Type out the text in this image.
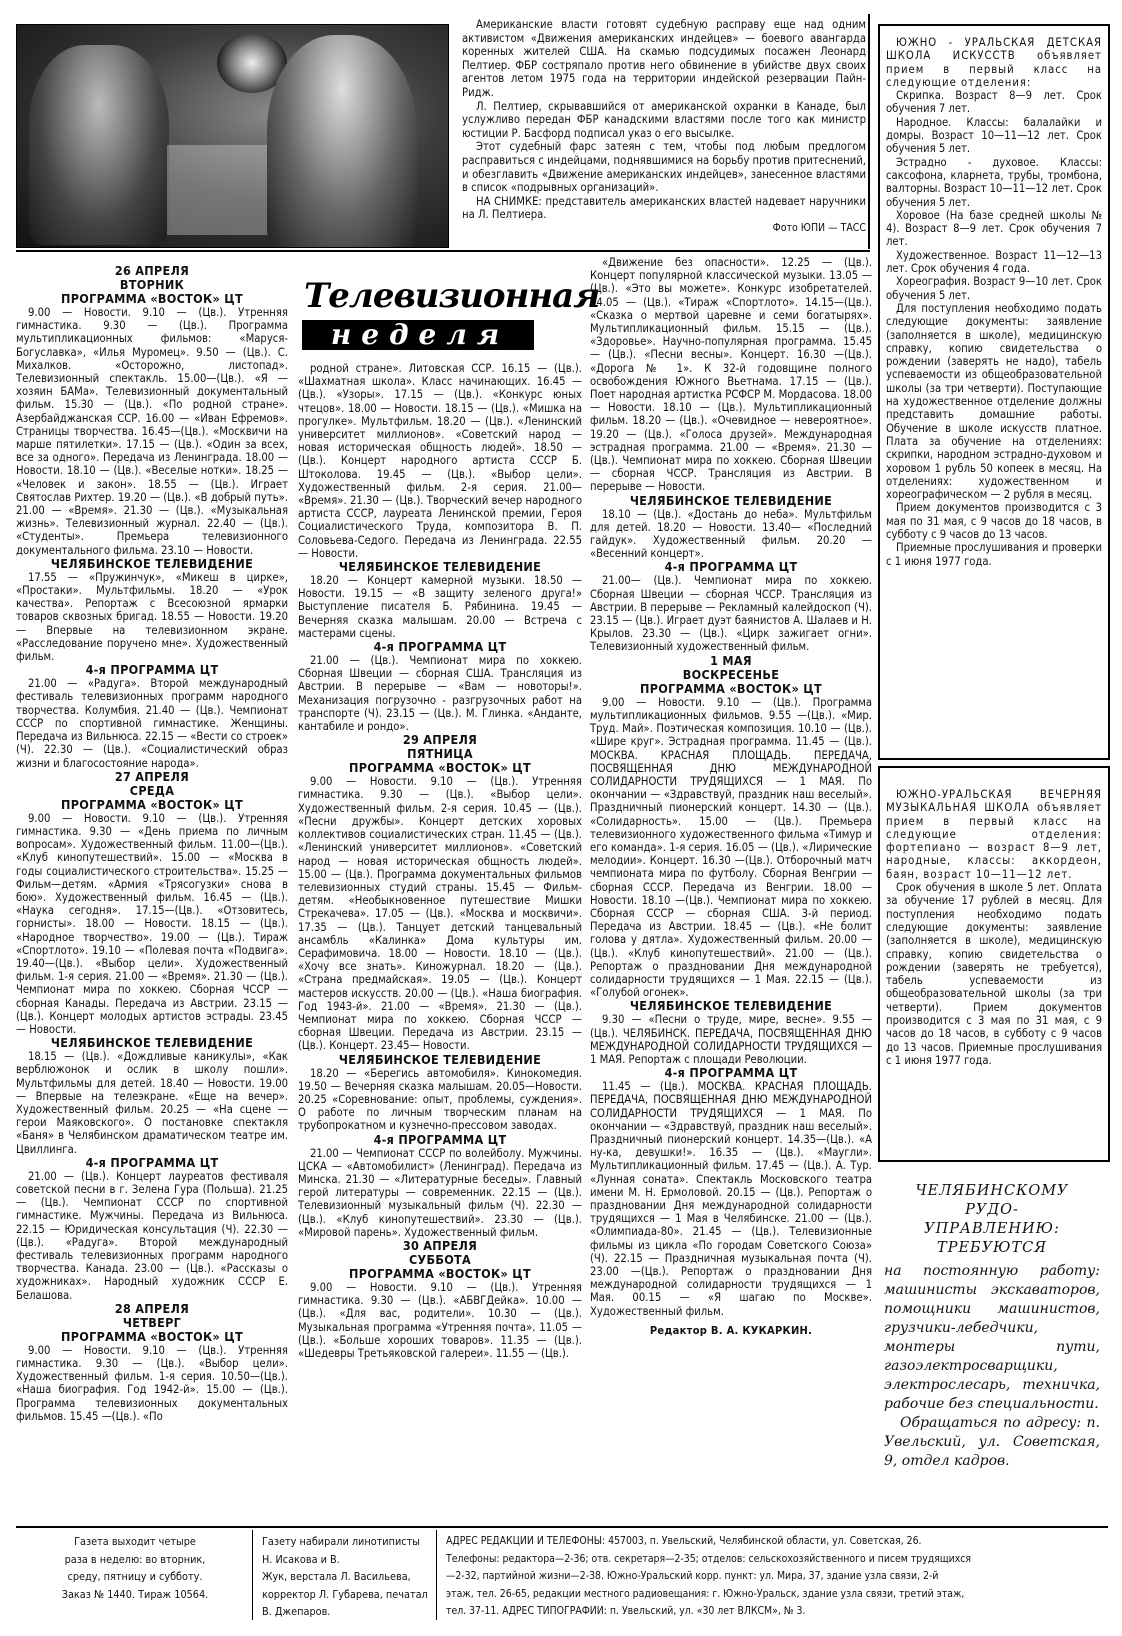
Американские власти готовят судебную расправу еще над одним активистом «Движения американских индейцев» — боевого авангарда коренных жителей США. На скамью подсудимых посажен Леонард Пелтиер. ФБР состряпало против него обвинение в убийстве двух своих агентов летом 1975 года на территории индейской резервации Пайн-Ридж.

Л. Пелтиер, скрывавшийся от американской охранки в Канаде, был услужливо передан ФБР канадскими властями после того как министр юстиции Р. Басфорд подписал указ о его высылке.

Этот судебный фарс затеян с тем, чтобы под любым предлогом расправиться с индейцами, поднявшимися на борьбу против притеснений, и обезглавить «Движение американских индейцев», занесенное властями в список «подрывных организаций».

НА СНИМКЕ: представитель американских властей надевает наручники на Л. Пелтиера.

Фото ЮПИ — ТАСС
Телевизионная
неделя

26 АПРЕЛЯ

ВТОРНИК

ПРОГРАММА «ВОСТОК» ЦТ

9.00 — Новости. 9.10 — (Цв.). Утренняя гимнастика. 9.30 — (Цв.). Программа мультипликационных фильмов: «Маруся-Богуславка», «Илья Муромец». 9.50 — (Цв.). С. Михалков. «Осторожно, листопад». Телевизионный спектакль. 15.00—(Цв.). «Я — хозяин БАМа». Телевизионный документальный фильм. 15.30 — (Цв.). «По родной стране». Азербайджанская ССР. 16.00 — «Иван Ефремов». Страницы творчества. 16.45—(Цв.). «Москвичи на марше пятилетки». 17.15 — (Цв.). «Один за всех, все за одного». Передача из Ленинграда. 18.00 — Новости. 18.10 — (Цв.). «Веселые нотки». 18.25 — «Человек и закон». 18.55 — (Цв.). Играет Святослав Рихтер. 19.20 — (Цв.). «В добрый путь». 21.00 — «Время». 21.30 — (Цв.). «Музыкальная жизнь». Телевизионный журнал. 22.40 — (Цв.). «Студенты». Премьера телевизионного документального фильма. 23.10 — Новости.

ЧЕЛЯБИНСКОЕ ТЕЛЕВИДЕНИЕ

17.55 — «Пружинчук», «Микеш в цирке», «Простаки». Мультфильмы. 18.20 — «Урок качества». Репортаж с Всесоюзной ярмарки товаров сквозных бригад. 18.55 — Новости. 19.20 — Впервые на телевизионном экране. «Расследование поручено мне». Художественный фильм.

4-я ПРОГРАММА ЦТ

21.00 — «Радуга». Второй международный фестиваль телевизионных программ народного творчества. Колумбия. 21.40 — (Цв.). Чемпионат СССР по спортивной гимнастике. Женщины. Передача из Вильнюса. 22.15 — «Вести со строек» (Ч). 22.30 — (Цв.). «Социалистический образ жизни и благосостояние народа».

27 АПРЕЛЯ

СРЕДА

ПРОГРАММА «ВОСТОК» ЦТ

9.00 — Новости. 9.10 — (Цв.). Утренняя гимнастика. 9.30 — «День приема по личным вопросам». Художественный фильм. 11.00—(Цв.). «Клуб кинопутешествий». 15.00 — «Москва в годы социалистического строительства». 15.25 — Фильм—детям. «Армия «Трясогузки» снова в бою». Художественный фильм. 16.45 — (Цв.). «Наука сегодня». 17.15—(Цв.). «Отзовитесь, горнисты». 18.00 — Новости. 18.15 — (Цв.). «Народное творчество». 19.00 — (Цв.). Тираж «Спортлото». 19.10 — «Полевая почта «Подвига». 19.40—(Цв.). «Выбор цели». Художественный фильм. 1-я серия. 21.00 — «Время». 21.30 — (Цв.). Чемпионат мира по хоккею. Сборная ЧССР — сборная Канады. Передача из Австрии. 23.15 — (Цв.). Концерт молодых артистов эстрады. 23.45 — Новости.

ЧЕЛЯБИНСКОЕ ТЕЛЕВИДЕНИЕ

18.15 — (Цв.). «Дождливые каникулы», «Как верблюжонок и ослик в школу пошли». Мультфильмы для детей. 18.40 — Новости. 19.00 — Впервые на телеэкране. «Еще на вечер». Художественный фильм. 20.25 — «На сцене — герои Маяковского». О постановке спектакля «Баня» в Челябинском драматическом театре им. Цвиллинга.

4-я ПРОГРАММА ЦТ

21.00 — (Цв.). Концерт лауреатов фестиваля советской песни в г. Зелена Гура (Польша). 21.25 — (Цв.). Чемпионат СССР по спортивной гимнастике. Мужчины. Передача из Вильнюса. 22.15 — Юридическая консультация (Ч). 22.30 — (Цв.). «Радуга». Второй международный фестиваль телевизионных программ народного творчества. Канада. 23.00 — (Цв.). «Рассказы о художниках». Народный художник СССР Е. Белашова.

28 АПРЕЛЯ

ЧЕТВЕРГ

ПРОГРАММА «ВОСТОК» ЦТ

9.00 — Новости. 9.10 — (Цв.). Утренняя гимнастика. 9.30 — (Цв.). «Выбор цели». Художественный фильм. 1-я серия. 10.50—(Цв.). «Наша биография. Год 1942-й». 15.00 — (Цв.). Программа телевизионных документальных фильмов. 15.45 —(Цв.). «По

родной стране». Литовская ССР. 16.15 — (Цв.). «Шахматная школа». Класс начинающих. 16.45 — (Цв.). «Узоры». 17.15 — (Цв.). «Конкурс юных чтецов». 18.00 — Новости. 18.15 — (Цв.). «Мишка на прогулке». Мультфильм. 18.20 — (Цв.). «Ленинский университет миллионов». «Советский народ — новая историческая общность людей». 18.50 — (Цв.). Концерт народного артиста СССР Б. Штоколова. 19.45 — (Цв.). «Выбор цели». Художественный фильм. 2-я серия. 21.00— «Время». 21.30 — (Цв.). Творческий вечер народного артиста СССР, лауреата Ленинской премии, Героя Социалистического Труда, композитора В. П. Соловьева-Седого. Передача из Ленинграда. 22.55 — Новости.

ЧЕЛЯБИНСКОЕ ТЕЛЕВИДЕНИЕ

18.20 — Концерт камерной музыки. 18.50 — Новости. 19.15 — «В защиту зеленого друга!» Выступление писателя Б. Рябинина. 19.45 — Вечерняя сказка малышам. 20.00 — Встреча с мастерами сцены.

4-я ПРОГРАММА ЦТ

21.00 — (Цв.). Чемпионат мира по хоккею. Сборная Швеции — сборная США. Трансляция из Австрии. В перерыве — «Вам — новоторы!». Механизация погрузочно - разгрузочных работ на транспорте (Ч). 23.15 — (Цв.). М. Глинка. «Анданте, кантабиле и рондо».

29 АПРЕЛЯ

ПЯТНИЦА

ПРОГРАММА «ВОСТОК» ЦТ

9.00 — Новости. 9.10 — (Цв.). Утренняя гимнастика. 9.30 — (Цв.). «Выбор цели». Художественный фильм. 2-я серия. 10.45 — (Цв.). «Песни дружбы». Концерт детских хоровых коллективов социалистических стран. 11.45 — (Цв.). «Ленинский университет миллионов». «Советский народ — новая историческая общность людей». 15.00 — (Цв.). Программа документальных фильмов телевизионных студий страны. 15.45 — Фильм-детям. «Необыкновенное путешествие Мишки Стрекачева». 17.05 — (Цв.). «Москва и москвичи». 17.35 — (Цв.). Танцует детский танцевальный ансамбль «Калинка» Дома культуры им. Серафимовича. 18.00 — Новости. 18.10 — (Цв.). «Хочу все знать». Киножурнал. 18.20 — (Цв.). «Страна предмайская». 19.05 — (Цв.). Концерт мастеров искусств. 20.00 — (Цв.). «Наша биография. Год 1943-й». 21.00 — «Время». 21.30 — (Цв.). Чемпионат мира по хоккею. Сборная ЧССР — сборная Швеции. Передача из Австрии. 23.15 —(Цв.). Концерт. 23.45— Новости.

ЧЕЛЯБИНСКОЕ ТЕЛЕВИДЕНИЕ

18.20 — «Берегись автомобиля». Кинокомедия. 19.50 — Вечерняя сказка малышам. 20.05—Новости. 20.25 «Соревнование: опыт, проблемы, суждения». О работе по личным творческим планам на трубопрокатном и кузнечно-прессовом заводах.

4-я ПРОГРАММА ЦТ

21.00 — Чемпионат СССР по волейболу. Мужчины. ЦСКА — «Автомобилист» (Ленинград). Передача из Минска. 21.30 — «Литературные беседы». Главный герой литературы — современник. 22.15 — (Цв.). Телевизионный музыкальный фильм (Ч). 22.30 — (Цв.). «Клуб кинопутешествий». 23.30 — (Цв.). «Мировой парень». Художественный фильм.

30 АПРЕЛЯ

СУББОТА

ПРОГРАММА «ВОСТОК» ЦТ

9.00 — Новости. 9.10 — (Цв.). Утренняя гимнастика. 9.30 — (Цв.). «АБВГДейка». 10.00 — (Цв.). «Для вас, родители». 10.30 — (Цв.). Музыкальная программа «Утренняя почта». 11.05 — (Цв.). «Больше хороших товаров». 11.35 — (Цв.). «Шедевры Третьяковской галереи». 11.55 — (Цв.).

«Движение без опасности». 12.25 — (Цв.). Концерт популярной классической музыки. 13.05 — (Цв.). «Это вы можете». Конкурс изобретателей. 14.05 — (Цв.). «Тираж «Спортлото». 14.15—(Цв.). «Сказка о мертвой царевне и семи богатырях». Мультипликационный фильм. 15.15 — (Цв.). «Здоровье». Научно-популярная программа. 15.45 — (Цв.). «Песни весны». Концерт. 16.30 —(Цв.). «Дорога № 1». К 32-й годовщине полного освобождения Южного Вьетнама. 17.15 — (Цв.). Поет народная артистка РСФСР М. Мордасова. 18.00 — Новости. 18.10 — (Цв.). Мультипликационный фильм. 18.20 — (Цв.). «Очевидное — невероятное». 19.20 — (Цв.). «Голоса друзей». Международная эстрадная программа. 21.00 — «Время». 21.30 — (Цв.). Чемпионат мира по хоккею. Сборная Швеции — сборная ЧССР. Трансляция из Австрии. В перерыве — Новости.

ЧЕЛЯБИНСКОЕ ТЕЛЕВИДЕНИЕ

18.10 — (Цв.). «Достань до неба». Мультфильм для детей. 18.20 — Новости. 13.40— «Последний гайдук». Художественный фильм. 20.20 — «Весенний концерт».

4-я ПРОГРАММА ЦТ

21.00— (Цв.). Чемпионат мира по хоккею. Сборная Швеции — сборная ЧССР. Трансляция из Австрии. В перерыве — Рекламный калейдоскоп (Ч). 23.15 — (Цв.). Играет дуэт баянистов А. Шалаев и Н. Крылов. 23.30 — (Цв.). «Цирк зажигает огни». Телевизионный художественный фильм.

1 МАЯ

ВОСКРЕСЕНЬЕ

ПРОГРАММА «ВОСТОК» ЦТ

9.00 — Новости. 9.10 — (Цв.). Программа мультипликационных фильмов. 9.55 —(Цв.). «Мир. Труд. Май». Поэтическая композиция. 10.10 — (Цв.). «Шире круг». Эстрадная программа. 11.45 — (Цв.). МОСКВА. КРАСНАЯ ПЛОЩАДЬ. ПЕРЕДАЧА, ПОСВЯЩЕННАЯ ДНЮ МЕЖДУНАРОДНОЙ СОЛИДАРНОСТИ ТРУДЯЩИХСЯ — 1 МАЯ. По окончании — «Здравствуй, праздник наш веселый». Праздничный пионерский концерт. 14.30 — (Цв.). «Солидарность». 15.00 — (Цв.). Премьера телевизионного художественного фильма «Тимур и его команда». 1-я серия. 16.05 — (Цв.). «Лирические мелодии». Концерт. 16.30 —(Цв.). Отборочный матч чемпионата мира по футболу. Сборная Венгрии — сборная СССР. Передача из Венгрии. 18.00 — Новости. 18.10 —(Цв.). Чемпионат мира по хоккею. Сборная СССР — сборная США. 3-й период. Передача из Австрии. 18.45 — (Цв.). «Не болит голова у дятла». Художественный фильм. 20.00 — (Цв.). «Клуб кинопутешествий». 21.00 — (Цв.). Репортаж о праздновании Дня международной солидарности трудящихся — 1 Мая. 22.15 — (Цв.). «Голубой огонек».

ЧЕЛЯБИНСКОЕ ТЕЛЕВИДЕНИЕ

9.30 — «Песни о труде, мире, весне». 9.55 — (Цв.). ЧЕЛЯБИНСК. ПЕРЕДАЧА, ПОСВЯЩЕННАЯ ДНЮ МЕЖДУНАРОДНОЙ СОЛИДАРНОСТИ ТРУДЯЩИХСЯ — 1 МАЯ. Репортаж с площади Революции.

4-я ПРОГРАММА ЦТ

11.45 — (Цв.). МОСКВА. КРАСНАЯ ПЛОЩАДЬ. ПЕРЕДАЧА, ПОСВЯЩЕННАЯ ДНЮ МЕЖДУНАРОДНОЙ СОЛИДАРНОСТИ ТРУДЯЩИХСЯ — 1 МАЯ. По окончании — «Здравствуй, праздник наш веселый». Праздничный пионерский концерт. 14.35—(Цв.). «А ну-ка, девушки!». 16.35 — (Цв.). «Маугли». Мультипликационный фильм. 17.45 — (Цв.). А. Тур. «Лунная соната». Спектакль Московского театра имени М. Н. Ермоловой. 20.15 — (Цв.). Репортаж о праздновании Дня международной солидарности трудящихся — 1 Мая в Челябинске. 21.00 — (Цв.). «Олимпиада-80». 21.45 — (Цв.). Телевизионные фильмы из цикла «По городам Советского Союза» (Ч). 22.15 — Праздничная музыкальная почта (Ч). 23.00 —(Цв.). Репортаж о праздновании Дня международной солидарности трудящихся — 1 Мая. 00.15 — «Я шагаю по Москве». Художественный фильм.

Редактор В. А. КУКАРКИН.

ЮЖНО - УРАЛЬСКАЯ ДЕТСКАЯ ШКОЛА ИСКУССТВ объявляет прием в первый класс на следующие отделения:

Скрипка. Возраст 8—9 лет. Срок обучения 7 лет.

Народное. Классы: балалайки и домры. Возраст 10—11—12 лет. Срок обучения 5 лет.

Эстрадно - духовое. Классы: саксофона, кларнета, трубы, тромбона, валторны. Возраст 10—11—12 лет. Срок обучения 5 лет.

Хоровое (На базе средней школы № 4). Возраст 8—9 лет. Срок обучения 7 лет.

Художественное. Возраст 11—12—13 лет. Срок обучения 4 года.

Хореография. Возраст 9—10 лет. Срок обучения 5 лет.

Для поступления необходимо подать следующие документы: заявление (заполняется в школе), медицинскую справку, копию свидетельства о рождении (заверять не надо), табель успеваемости из общеобразовательной школы (за три четверти). Поступающие на художественное отделение должны представить домашние работы. Обучение в школе искусств платное. Плата за обучение на отделениях: скрипки, народном эстрадно-духовом и хоровом 1 рубль 50 копеек в месяц. На отделениях: художественном и хореографическом — 2 рубля в месяц.

Прием документов производится с 3 мая по 31 мая, с 9 часов до 18 часов, в субботу с 9 часов до 13 часов.

Приемные прослушивания и проверки с 1 июня 1977 года.

ЮЖНО-УРАЛЬСКАЯ ВЕЧЕРНЯЯ МУЗЫКАЛЬНАЯ ШКОЛА объявляет прием в первый класс на следующие отделения: фортепиано — возраст 8—9 лет, народные, классы: аккордеон, баян, возраст 10—11—12 лет.

Срок обучения в школе 5 лет. Оплата за обучение 17 рублей в месяц. Для поступления необходимо подать следующие документы: заявление (заполняется в школе), медицинскую справку, копию свидетельства о рождении (заверять не требуется), табель успеваемости из общеобразовательной школы (за три четверти). Прием документов производится с 3 мая по 31 мая, с 9 часов до 18 часов, в субботу с 9 часов до 13 часов. Приемные прослушивания с 1 июня 1977 года.

ЧЕЛЯБИНСКОМУ
РУДО-
УПРАВЛЕНИЮ:
ТРЕБУЮТСЯ
на постоянную работу: машинисты экскаваторов, помощники машинистов, грузчики-лебедчики, монтеры пути, газоэлектросварщики, электрослесарь, техничка, рабочие без специальности.
Обращаться по адресу: п. Увельский, ул. Советская, 9, отдел кадров.
Газета выходит четыре
раза в неделю: во вторник,
среду, пятницу и субботу.
Заказ № 1440. Тираж 10564.
Газету набирали линотиписты Н. Исакова и В.
Жук, верстала Л. Васильева,
корректор Л. Губарева, печатал В. Джепаров.
АДРЕС РЕДАКЦИИ И ТЕЛЕФОНЫ: 457003, п. Увельский, Челябинской области, ул. Советская, 26.
Телефоны: редактора—2-36; отв. секретаря—2-35; отделов: сельскохозяйственного и писем трудящихся
—2-32, партийной жизни—2-38. Южно-Уральский корр. пункт: ул. Мира, 37, здание узла связи, 2-й
этаж, тел. 26-65, редакции местного радиовещания: г. Южно-Уральск, здание узла связи, третий этаж,
тел. 37-11. АДРЕС ТИПОГРАФИИ: п. Увельский, ул. «30 лет ВЛКСМ», № 3.
